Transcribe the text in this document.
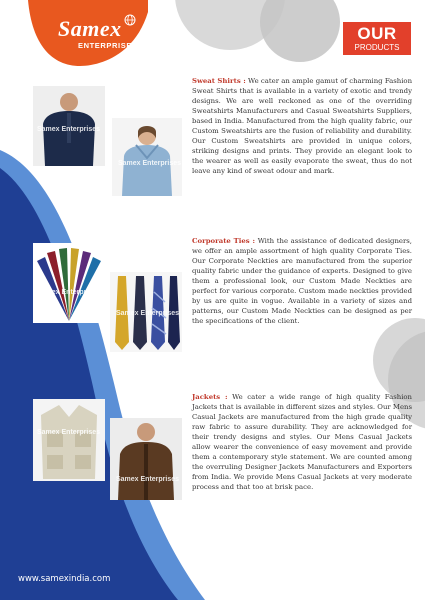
Samex
ENTERPRISES
OUR
PRODUCTS
Samex Enterprises
Samex Enterprises
Sweat Shirts : We cater an ample gamut of charming Fashion Sweat Shirts that is available in a variety of exotic and trendy designs. We are well reckoned as one of the overriding Sweatshirts Manufacturers and Casual Sweatshirts Suppliers, based in India. Manufactured from the high quality fabric, our Custom Sweatshirts are the fusion of reliability and durability. Our Custom Sweatshirts are provided in unique colors, striking designs and prints. They provide an elegant look to the wearer as well as easily evaporate the sweat, thus do not leave any kind of sweat odour and mark.
Samex Enterprises
Samex Enterprises
Corporate Ties : With the assistance of dedicated designers, we offer an ample assortment of high quality Corporate Ties. Our Corporate Neckties are manufactured from the superior quality fabric under the guidance of experts. Designed to give them a professional look, our Custom Made Neckties are perfect for various corporate. Custom made neckties provided by us are quite in vogue. Available in a variety of sizes and patterns, our Custom Made Neckties can be designed as per the specifications of the client.
Samex Enterprises
Samex Enterprises
Jackets : We cater a wide range of high quality Fashion Jackets that is available in different sizes and styles. Our Mens Casual Jackets are manufactured from the high grade quality raw fabric to assure durability. They are acknowledged for their trendy designs and styles. Our Mens Casual Jackets allow wearer the convenience of easy movement and provide them a contemporary style statement. We are counted among the overruling Designer Jackets Manufacturers and Exporters from India. We provide Mens Casual Jackets at very moderate process and that too at brisk pace.
www.samexindia.com
